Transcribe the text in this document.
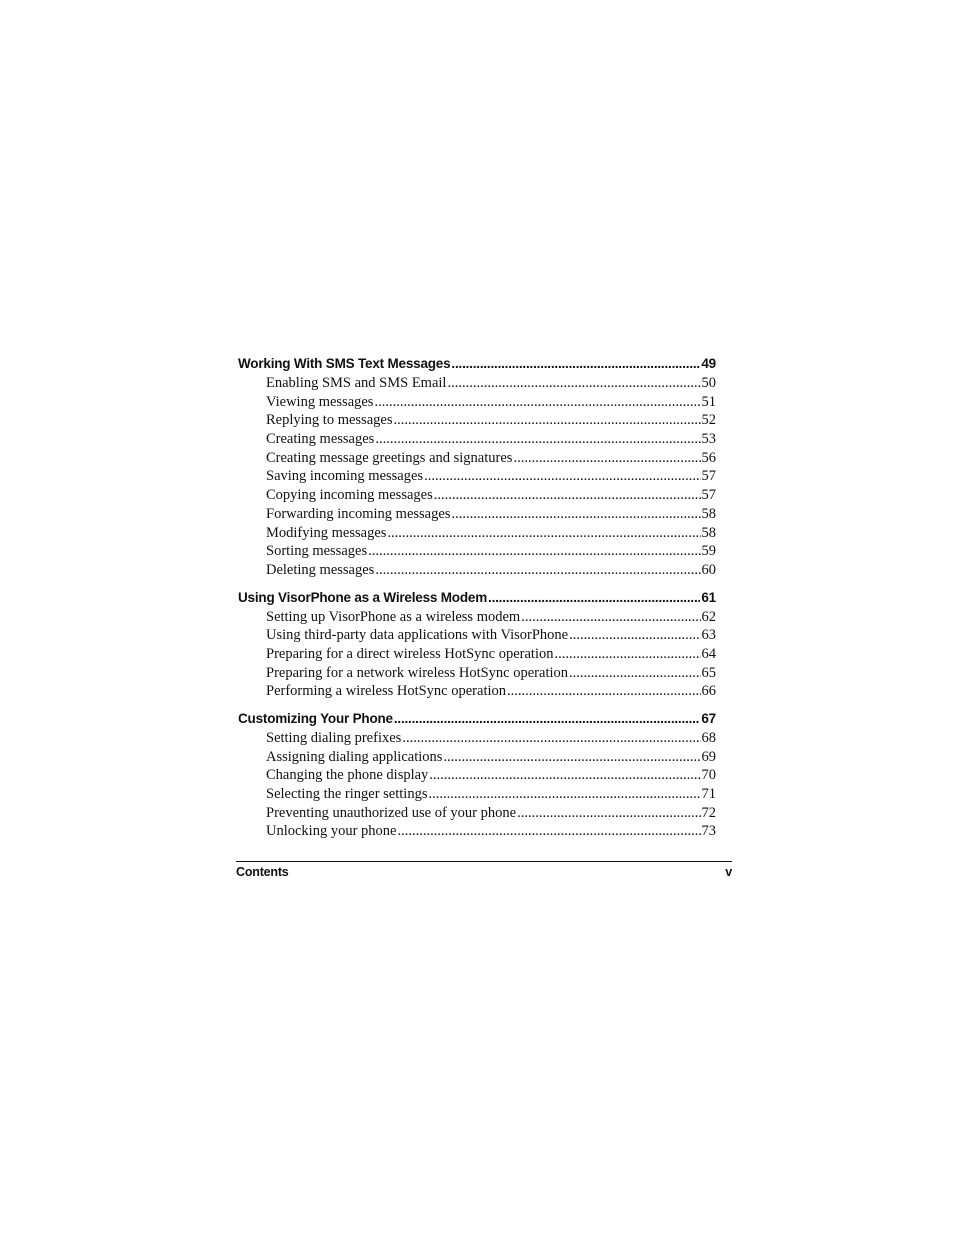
Working With SMS Text Messages .....	49
Enabling SMS and SMS Email .....	50
Viewing messages .....	51
Replying to messages .....	52
Creating messages .....	53
Creating message greetings and signatures .....	56
Saving incoming messages .....	57
Copying incoming messages .....	57
Forwarding incoming messages .....	58
Modifying messages .....	58
Sorting messages .....	59
Deleting messages .....	60
Using VisorPhone as a Wireless Modem .....	61
Setting up VisorPhone as a wireless modem .....	62
Using third-party data applications with VisorPhone .....	63
Preparing for a direct wireless HotSync operation .....	64
Preparing for a network wireless HotSync operation .....	65
Performing a wireless HotSync operation .....	66
Customizing Your Phone .....	67
Setting dialing prefixes .....	68
Assigning dialing applications .....	69
Changing the phone display .....	70
Selecting the ringer settings .....	71
Preventing unauthorized use of your phone .....	72
Unlocking your phone .....	73
Contents	v
